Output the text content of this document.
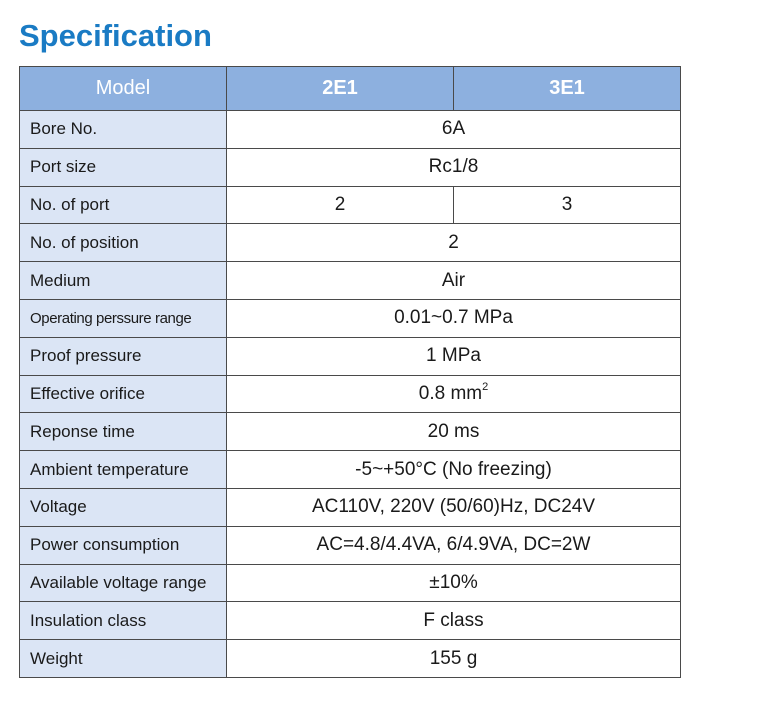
Specification
Model	2E1	3E1
Bore No.	6A	
Port size	Rc1/8	
No. of port	2	3
No. of position	2	
Medium	Air	
Operating perssure range	0.01~0.7 MPa	
Proof pressure	1 MPa	
Effective orifice	0.8 $mm^2$
Reponse time	20 ms	
Ambient temperature	-5~+50°C (No freezing)	
Voltage	AC110V, 220V (50/60)Hz, DC24V	
Power consumption	AC=4.8/4.4VA, 6/4.9VA, DC=2W	
Available voltage range	±10%	
Insulation class	F class	
Weight	155 g	
